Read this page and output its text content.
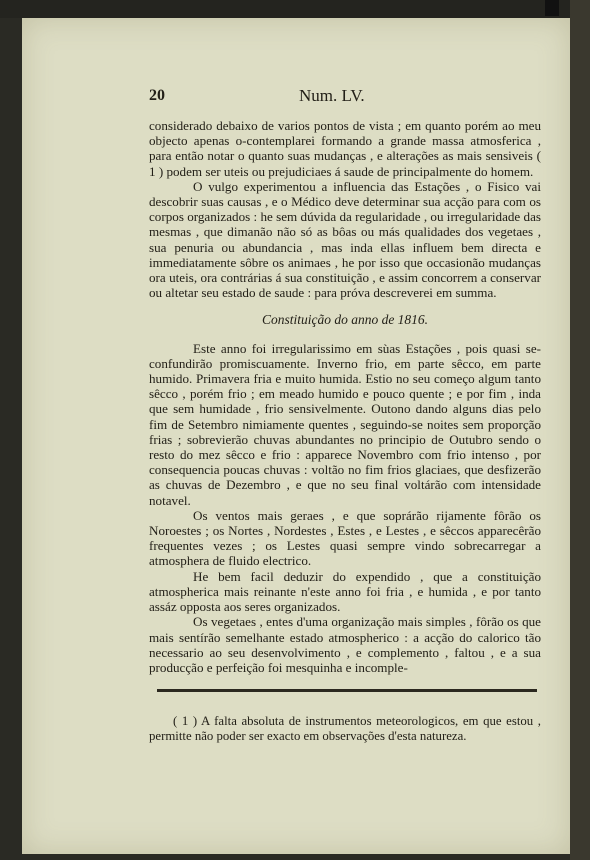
20	Num. LV.

considerado debaixo de varios pontos de vista ; em quanto porém ao meu objecto apenas o-contemplarei formando a grande massa atmosferica , para então notar o quanto suas mudanças , e alterações as mais sensiveis ( 1 ) podem ser uteis ou prejudiciaes á saude de principalmente do homem.

O vulgo experimentou a influencia das Estações , o Fisico vai descobrir suas causas , e o Médico deve determinar sua acção para com os corpos organizados : he sem dúvida da regularidade , ou irregularidade das mesmas , que dimanão não só as bôas ou más qualidades dos vegetaes , sua penuria ou abundancia , mas inda ellas influem bem directa e immediatamente sôbre os animaes , he por isso que occasionão mudanças ora uteis, ora contrárias á sua constituição , e assim concorrem a conservar ou altetar seu estado de saude : para próva descreverei em summa.

Constituição do anno de 1816.

Este anno foi irregularissimo em sùas Estações , pois quasi se-confundirão promiscuamente. Inverno frio, em parte sêcco, em parte humido. Primavera fria e muito humida. Estio no seu começo algum tanto sêcco , porém frio ; em meado humido e pouco quente ; e por fim , inda que sem humidade , frio sensivelmente. Outono dando alguns dias pelo fim de Setembro nimiamente quentes , seguindo-se noites sem proporção frias ; sobrevierão chuvas abundantes no principio de Outubro sendo o resto do mez sêcco e frio : apparece Novembro com frio intenso , por consequencia poucas chuvas : voltão no fim frios glaciaes, que desfizerão as chuvas de Dezembro , e que no seu final voltárão com intensidade notavel.

Os ventos mais geraes , e que soprárão rijamente fôrão os Noroestes ; os Nortes , Nordestes , Estes , e Lestes , e sêccos apparecêrão frequentes vezes ; os Lestes quasi sempre vindo sobrecarregar a atmosphera de fluido electrico.

He bem facil deduzir do expendido , que a constituição atmospherica mais reinante n'este anno foi fria , e humida , e por tanto assáz opposta aos seres organizados.

Os vegetaes , entes d'uma organização mais simples , fôrão os que mais sentírão semelhante estado atmospherico : a acção do calorico tão necessario ao seu desenvolvimento , e complemento , faltou , e a sua producção e perfeição foi mesquinha e incomple-

( 1 ) A falta absoluta de instrumentos meteorologicos, em que estou , permitte não poder ser exacto em observações d'esta natureza.
